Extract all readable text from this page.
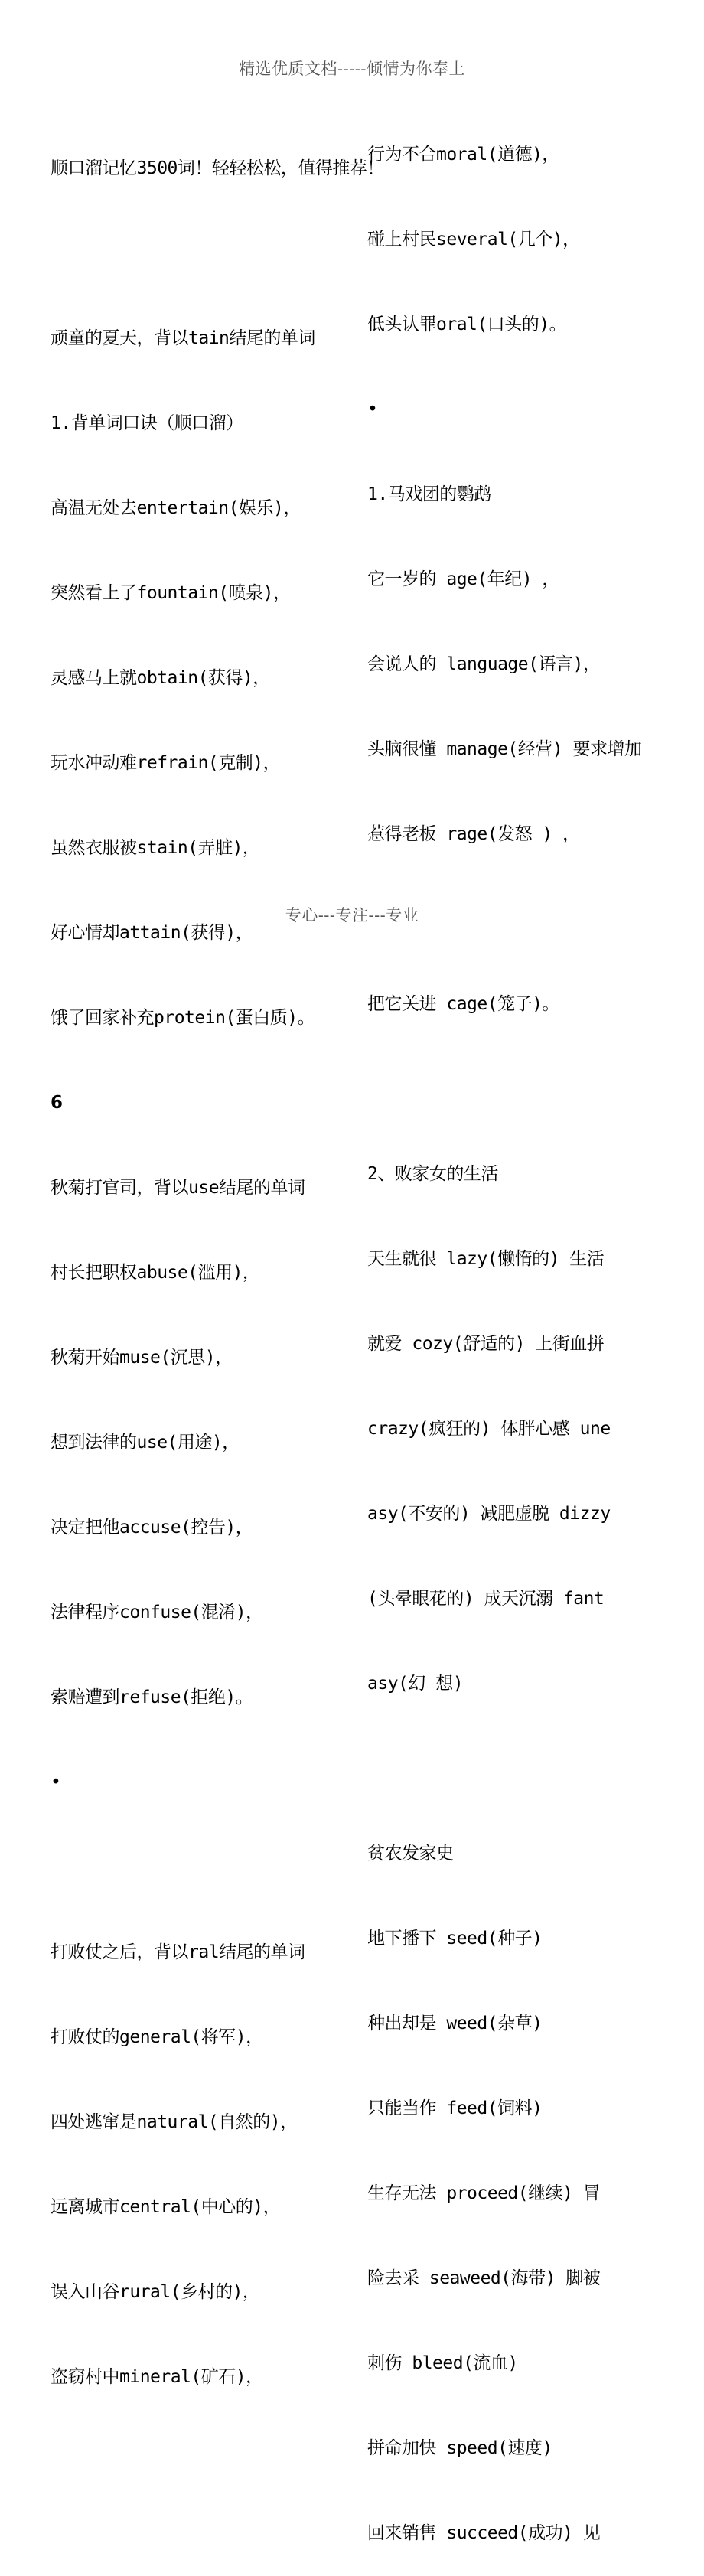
精选优质文档-----倾情为你奉上

顺口溜记忆3500词！轻轻松松，值得推荐！

顽童的夏天，背以tain结尾的单词

1.背单词口诀（顺口溜）

高温无处去entertain(娱乐)，

突然看上了fountain(喷泉)，

灵感马上就obtain(获得)，

玩水冲动难refrain(克制)，

虽然衣服被stain(弄脏)，

好心情却attain(获得)，

饿了回家补充protein(蛋白质)。

6

秋菊打官司，背以use结尾的单词

村长把职权abuse(滥用)，

秋菊开始muse(沉思)，

想到法律的use(用途)，

决定把他accuse(控告)，

法律程序confuse(混淆)，

索赔遭到refuse(拒绝)。

•

打败仗之后，背以ral结尾的单词

打败仗的general(将军)，

四处逃窜是natural(自然的)，

远离城市central(中心的)，

误入山谷rural(乡村的)，

盗窃村中mineral(矿石)，

行为不合moral(道德)，

碰上村民several(几个)，

低头认罪oral(口头的)。

•

1.马戏团的鹦鹉

它一岁的 age(年纪) ，

会说人的 language(语言)，

头脑很懂 manage(经营) 要求增加

惹得老板 rage(发怒 ) ，

把它关进 cage(笼子)。

2、败家女的生活

天生就很 lazy(懒惰的) 生活

就爱 cozy(舒适的) 上街血拼

crazy(疯狂的) 体胖心感 une

asy(不安的) 减肥虚脱 dizzy

(头晕眼花的) 成天沉溺 fant

asy(幻 想)

贫农发家史

地下播下 seed(种子)

种出却是 weed(杂草)

只能当作 feed(饲料)

生存无法 proceed(继续) 冒

险去采 seaweed(海带) 脚被

刺伤 bleed(流血)

拼命加快 speed(速度)

回来销售 succeed(成功) 见

专心---专注---专业
